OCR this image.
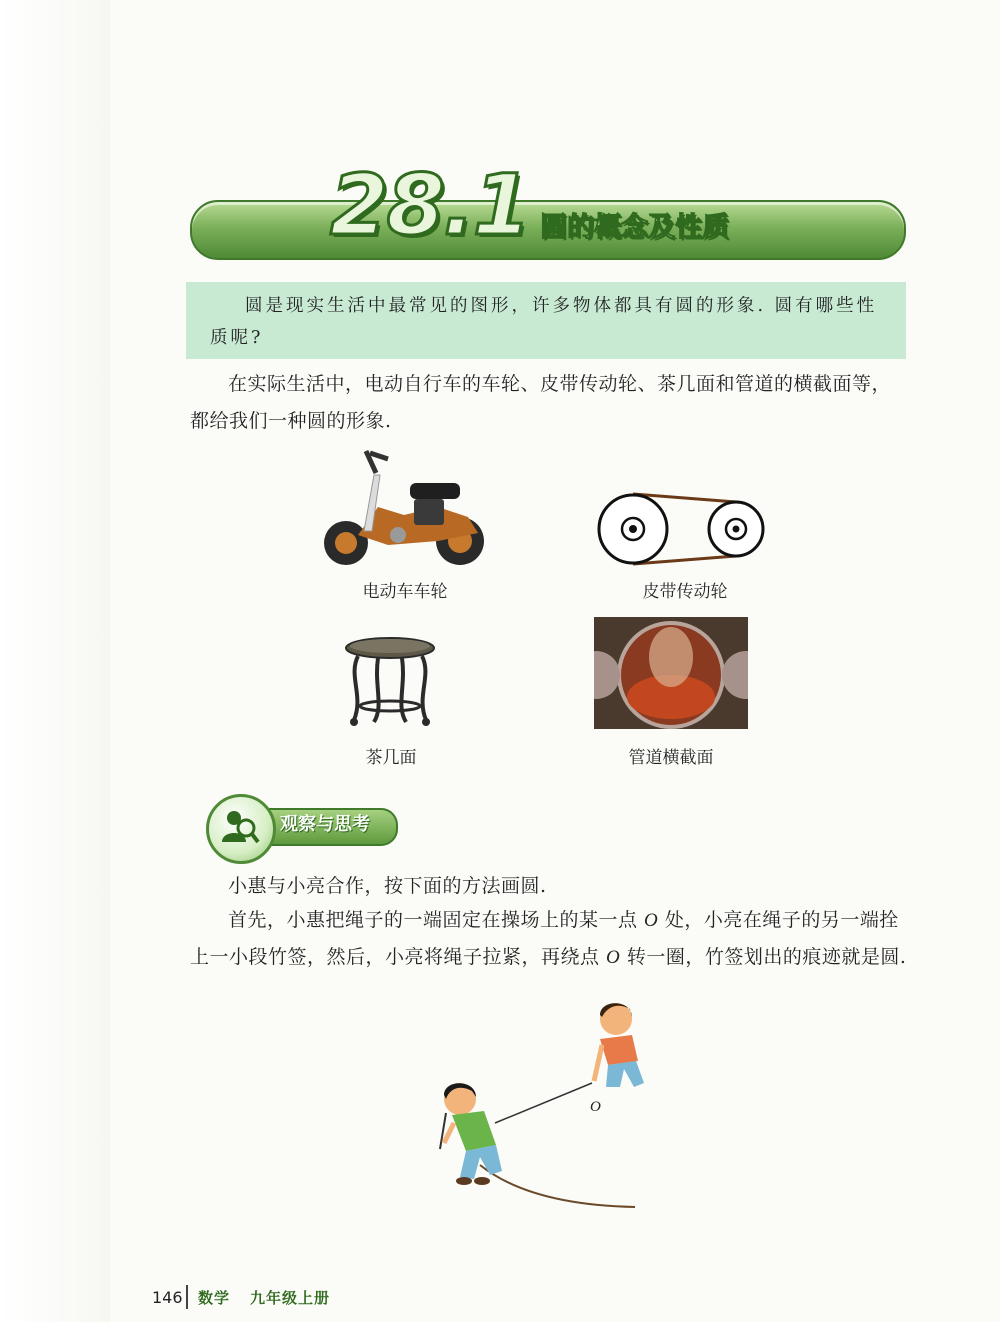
28.1 圆的概念及性质

圆是现实生活中最常见的图形，许多物体都具有圆的形象. 圆有哪些性质呢?

在实际生活中，电动自行车的车轮、皮带传动轮、茶几面和管道的横截面等，都给我们一种圆的形象.

电动车车轮	皮带传动轮
茶几面	管道横截面
观察与思考

小惠与小亮合作，按下面的方法画圆.

首先，小惠把绳子的一端固定在操场上的某一点 O 处，小亮在绳子的另一端拴上一小段竹签，然后，小亮将绳子拉紧，再绕点 O 转一圈，竹签划出的痕迹就是圆.

O
146 数学 九年级上册
